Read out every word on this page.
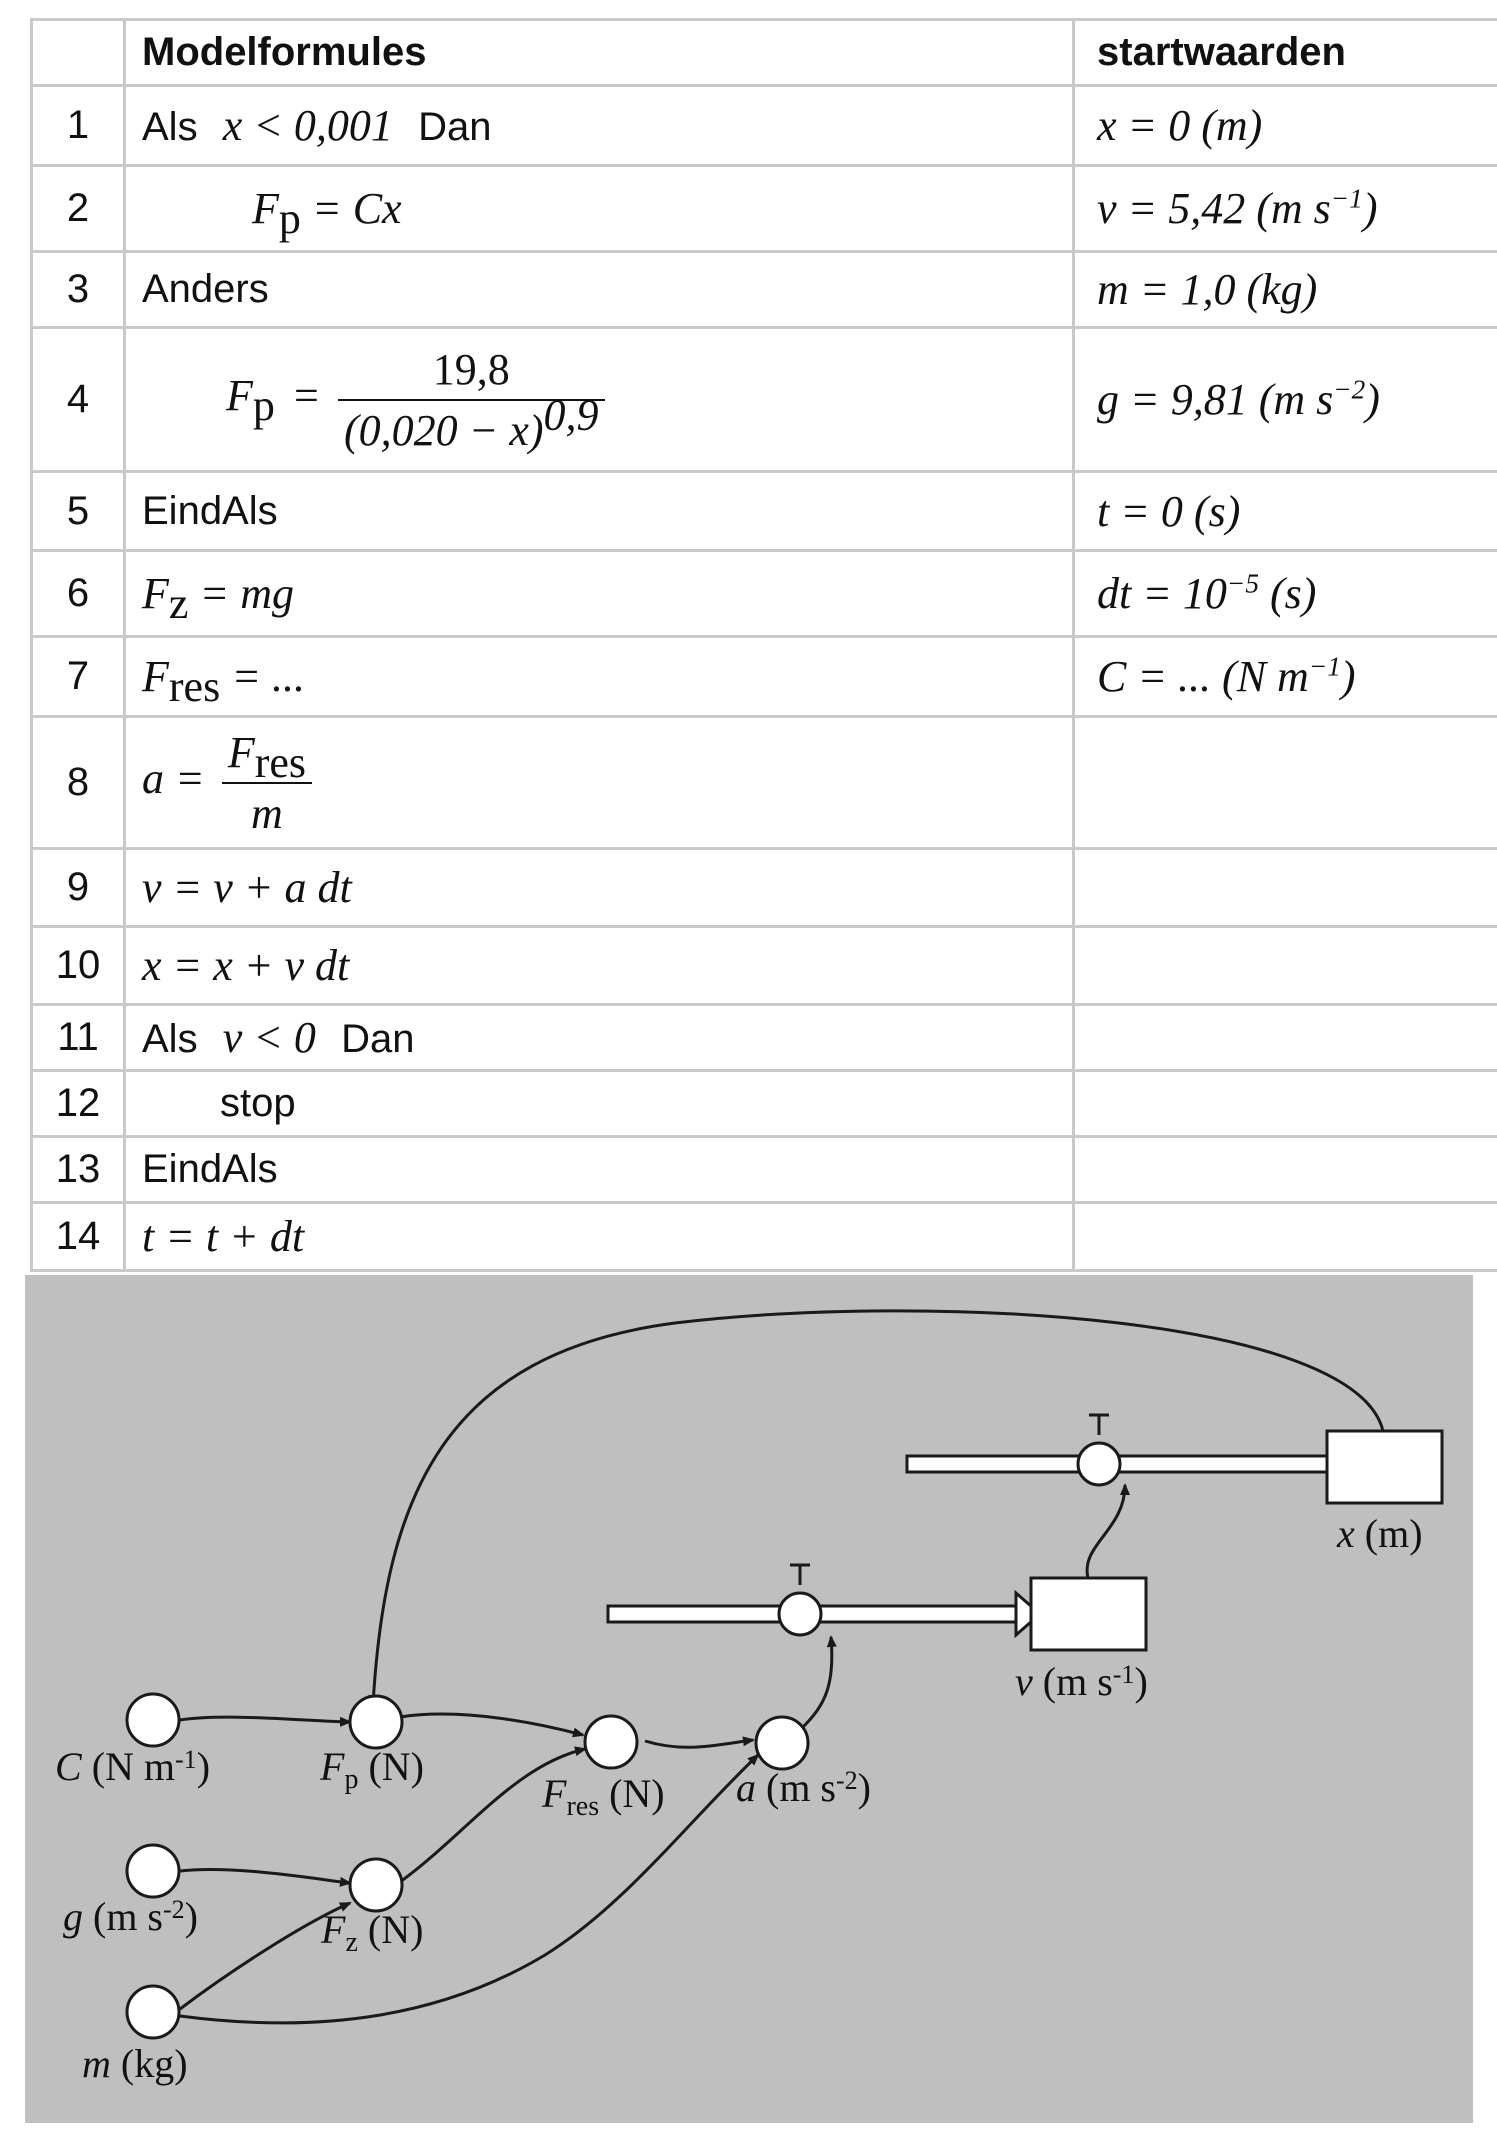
	Modelformules	startwaarden
1	Als x < 0,001 Dan	x = 0 (m)
2	$F_p = Cx$	v = 5,42 (m $s^{-1}$)
3	Anders	m = 1,0 (kg)
4	$F_p = \frac{19,8}{(0,020 - x)^{0,9}}$	g = 9,81 (m $s^{-2}$)
5	EindAls	t = 0 (s)
6	$F_z$ = mg	dt = $10^{-5}$ (s)
7	$F_{res}$ = ...	C = ... (N $m^{-1}$)
8	$a = \frac{F_{res}}{m}$

9	v = v + a dt	
10	x = x + v dt	
11	Als v < 0 Dan	
12	stop	
13	EindAls	
14	t = t + dt	
C (N $m^{-1}$)	$F_p$ (N)
$F_{res}$ (N) a (m $s^{-2}$)
g (m $s^{-2}$)	$F_z$ (N)
m (kg)
v (m $s^{-1}$)
x (m)
